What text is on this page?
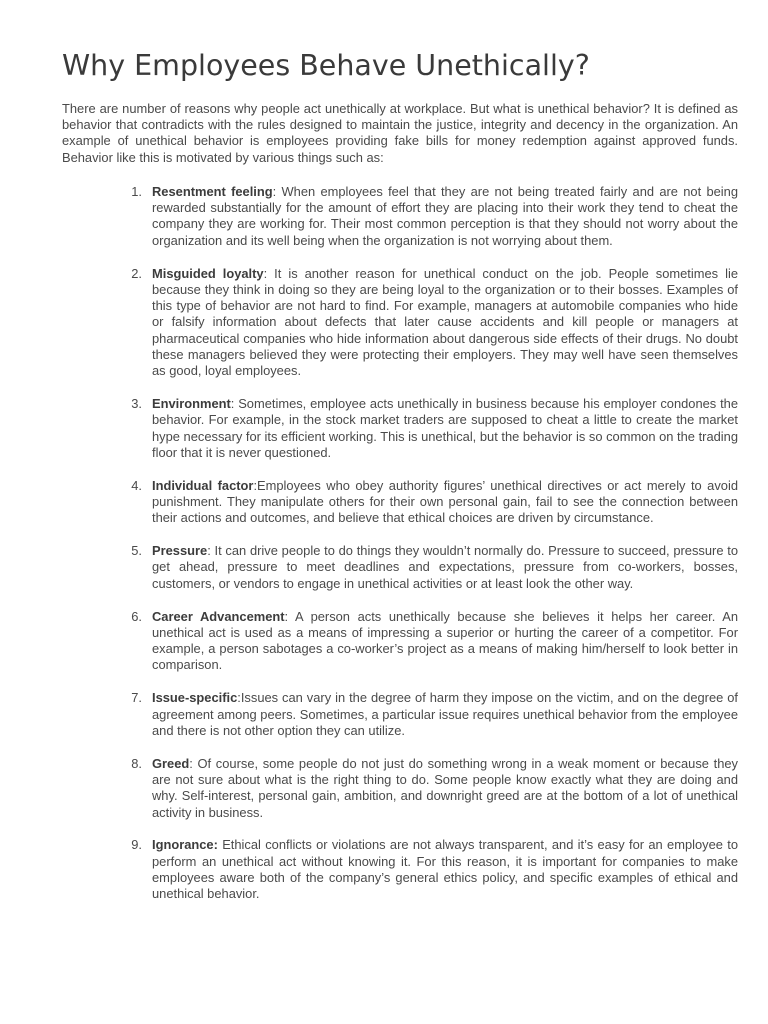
Why Employees Behave Unethically?

There are number of reasons why people act unethically at workplace. But what is unethical behavior? It is defined as behavior that contradicts with the rules designed to maintain the justice, integrity and decency in the organization. An example of unethical behavior is employees providing fake bills for money redemption against approved funds. Behavior like this is motivated by various things such as:

1. Resentment feeling: When employees feel that they are not being treated fairly and are not being rewarded substantially for the amount of effort they are placing into their work they tend to cheat the company they are working for. Their most common perception is that they should not worry about the organization and its well being when the organization is not worrying about them.
2. Misguided loyalty: It is another reason for unethical conduct on the job. People sometimes lie because they think in doing so they are being loyal to the organization or to their bosses. Examples of this type of behavior are not hard to find. For example, managers at automobile companies who hide or falsify information about defects that later cause accidents and kill people or managers at pharmaceutical companies who hide information about dangerous side effects of their drugs. No doubt these managers believed they were protecting their employers. They may well have seen themselves as good, loyal employees.
3. Environment: Sometimes, employee acts unethically in business because his employer condones the behavior. For example, in the stock market traders are supposed to cheat a little to create the market hype necessary for its efficient working. This is unethical, but the behavior is so common on the trading floor that it is never questioned.
4. Individual factor:Employees who obey authority figures’ unethical directives or act merely to avoid punishment. They manipulate others for their own personal gain, fail to see the connection between their actions and outcomes, and believe that ethical choices are driven by circumstance.
5. Pressure: It can drive people to do things they wouldn’t normally do. Pressure to succeed, pressure to get ahead, pressure to meet deadlines and expectations, pressure from co-workers, bosses, customers, or vendors to engage in unethical activities or at least look the other way.
6. Career Advancement: A person acts unethically because she believes it helps her career. An unethical act is used as a means of impressing a superior or hurting the career of a competitor. For example, a person sabotages a co-worker’s project as a means of making him/herself to look better in comparison.
7. Issue-specific:Issues can vary in the degree of harm they impose on the victim, and on the degree of agreement among peers. Sometimes, a particular issue requires unethical behavior from the employee and there is not other option they can utilize.
8. Greed: Of course, some people do not just do something wrong in a weak moment or because they are not sure about what is the right thing to do. Some people know exactly what they are doing and why. Self-interest, personal gain, ambition, and downright greed are at the bottom of a lot of unethical activity in business.
9. Ignorance: Ethical conflicts or violations are not always transparent, and it’s easy for an employee to perform an unethical act without knowing it. For this reason, it is important for companies to make employees aware both of the company’s general ethics policy, and specific examples of ethical and unethical behavior.
